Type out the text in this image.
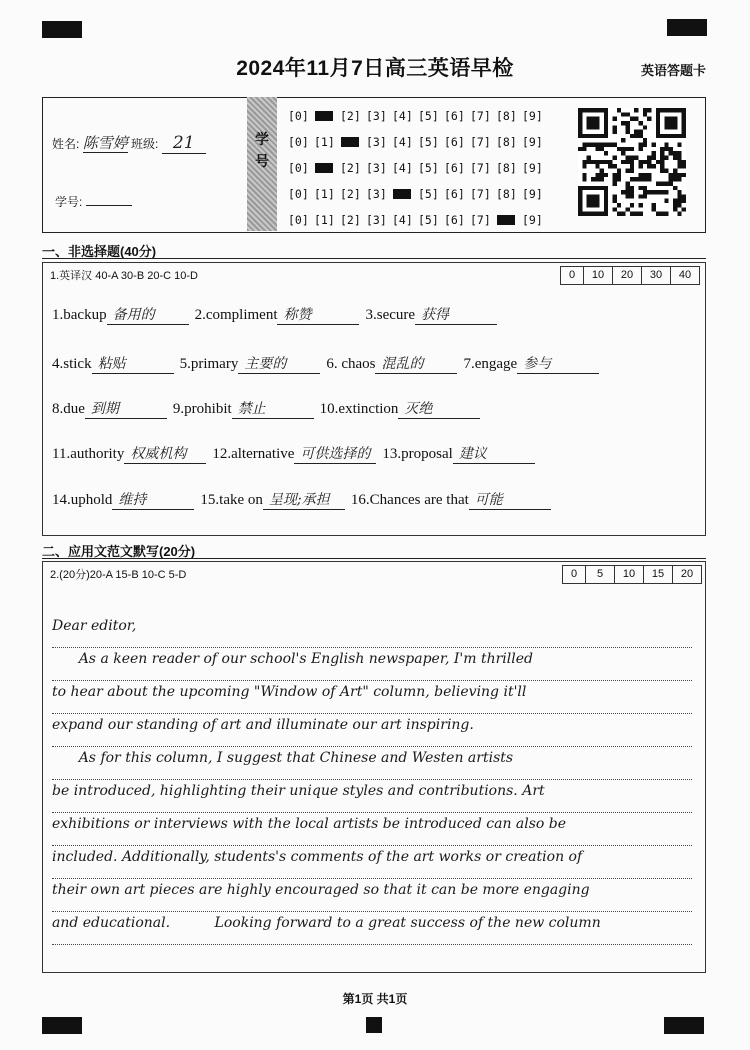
2024年11月7日高三英语早检	英语答题卡
姓名: 陈雪婷 班级: 21
学号:
学号
[0]	[2] [3] [4] [5] [6] [7] [8] [9]
[0] [1]	[3] [4] [5] [6] [7] [8] [9]
[0]	[2] [3] [4] [5] [6] [7] [8] [9]
[0] [1] [2] [3]	[5] [6] [7] [8] [9]
[0] [1] [2] [3] [4] [5] [6] [7]	[9]
一、非选择题(40分)
1.英译汉 40-A 30-B 20-C 10-D	0	10	20	30	40
1.backup 备用的	2.compliment 称赞	3.secure 获得
4.stick 粘贴	5.primary 主要的	6. chaos 混乱的	7.engage 参与
8.due 到期	9.prohibit 禁止	10.extinction 灭绝
11.authority 权威机构 12.alternative 可供选择的 13.proposal 建议
14.uphold 维持	15.take on 呈现;承担 16.Chances are that 可能
二、应用文范文默写(20分)
2.(20分)20-A 15-B 10-C 5-D	0	5	10	15	20
Dear editor,
As a keen reader of our school's English newspaper, I'm thrilled
to hear about the upcoming "Window of Art" column, believing it'll
expand our standing of art and illuminate our art inspiring.
As for this column, I suggest that Chinese and Westen artists
be introduced, highlighting their unique styles and contributions. Art
exhibitions or interviews with the local artists be introduced can also be
included. Additionally, students's comments of the art works or creation of
their own art pieces are highly encouraged so that it can be more engaging
and educational.          Looking forward to a great success of the new column
第1页 共1页
